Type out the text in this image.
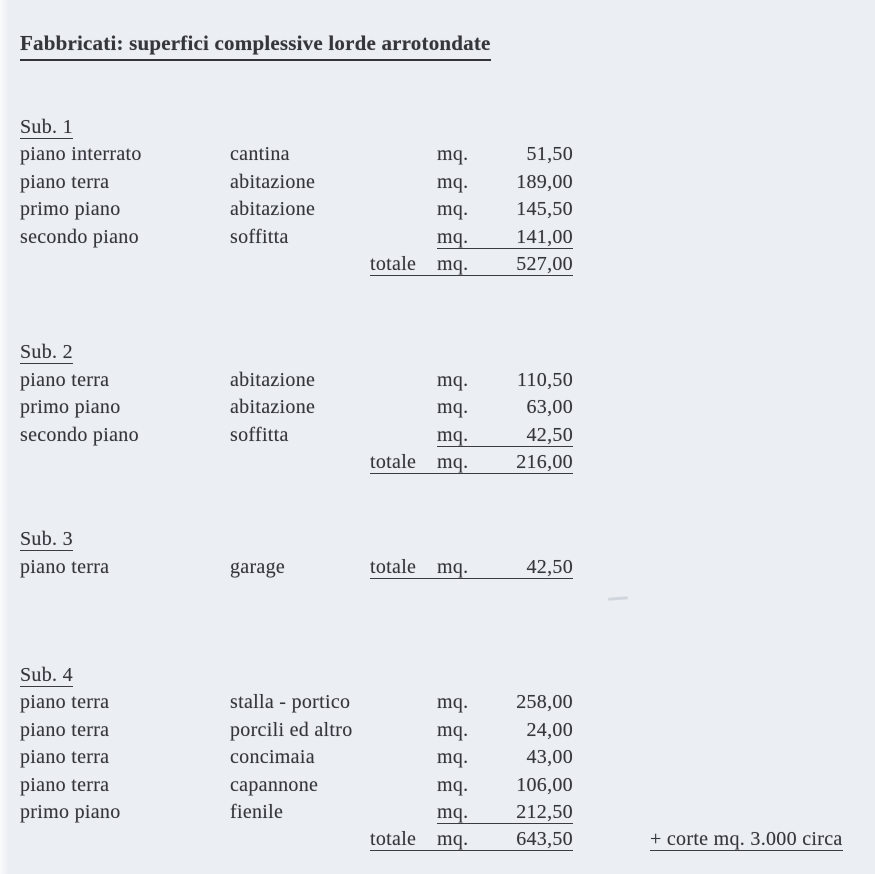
Fabbricati: superfici complessive lorde arrotondate
Sub. 1
piano interrato	cantina	mq.	51,50
piano terra	abitazione	mq.	189,00
primo piano	abitazione	mq.	145,50
secondo piano	soffitta	mq.	141,00
totale	mq.	527,00
Sub. 2
piano terra	abitazione	mq.	110,50
primo piano	abitazione	mq.	63,00
secondo piano	soffitta	mq.	42,50
totale	mq.	216,00
Sub. 3
piano terra	garage	totale	mq.	42,50
Sub. 4
piano terra	stalla - portico	mq.	258,00
piano terra	porcili ed altro	mq.	24,00
piano terra	concimaia	mq.	43,00
piano terra	capannone	mq.	106,00
primo piano	fienile	mq.	212,50
totale	mq.	643,50	+ corte mq. 3.000 circa
